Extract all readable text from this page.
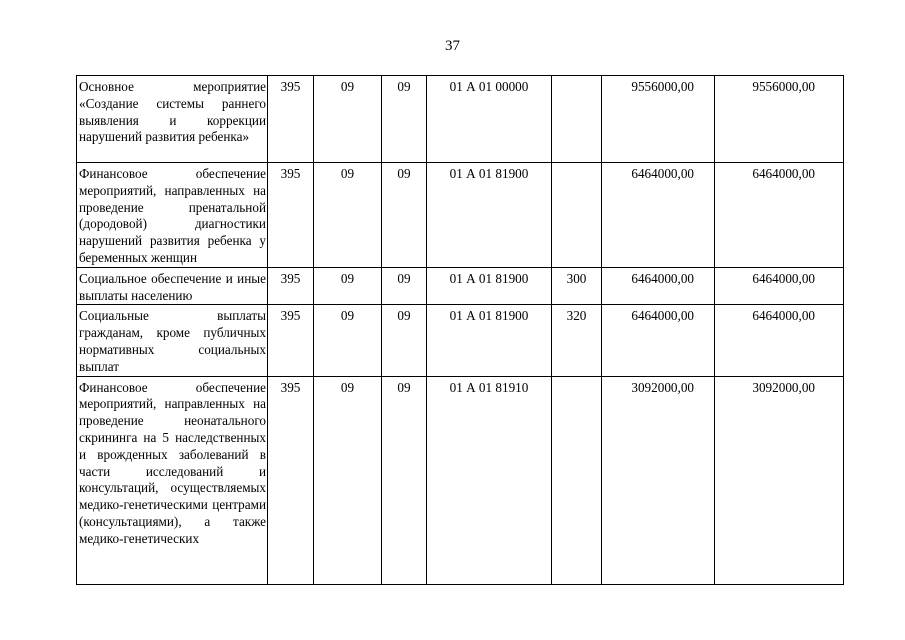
37
Основное мероприятие «Создание системы раннего выявления и коррекции нарушений развития ребенка»	395	09	09	01 А 01 00000		9556000,00	9556000,00
Финансовое обеспечение мероприятий, направленных на проведение пренатальной (дородовой) диагностики нарушений развития ребенка у беременных женщин	395	09	09	01 А 01 81900		6464000,00	6464000,00
Социальное обеспечение и иные выплаты населению	395	09	09	01 А 01 81900	300	6464000,00	6464000,00
Социальные выплаты гражданам, кроме публичных нормативных социальных выплат	395	09	09	01 А 01 81900	320	6464000,00	6464000,00
Финансовое обеспечение мероприятий, направленных на проведение неонатального скрининга на 5 наследственных и врожденных заболеваний в части исследований и консультаций, осуществляемых медико-генетическими центрами (консультациями), а также медико-генетических	395	09	09	01 А 01 81910		3092000,00	3092000,00
